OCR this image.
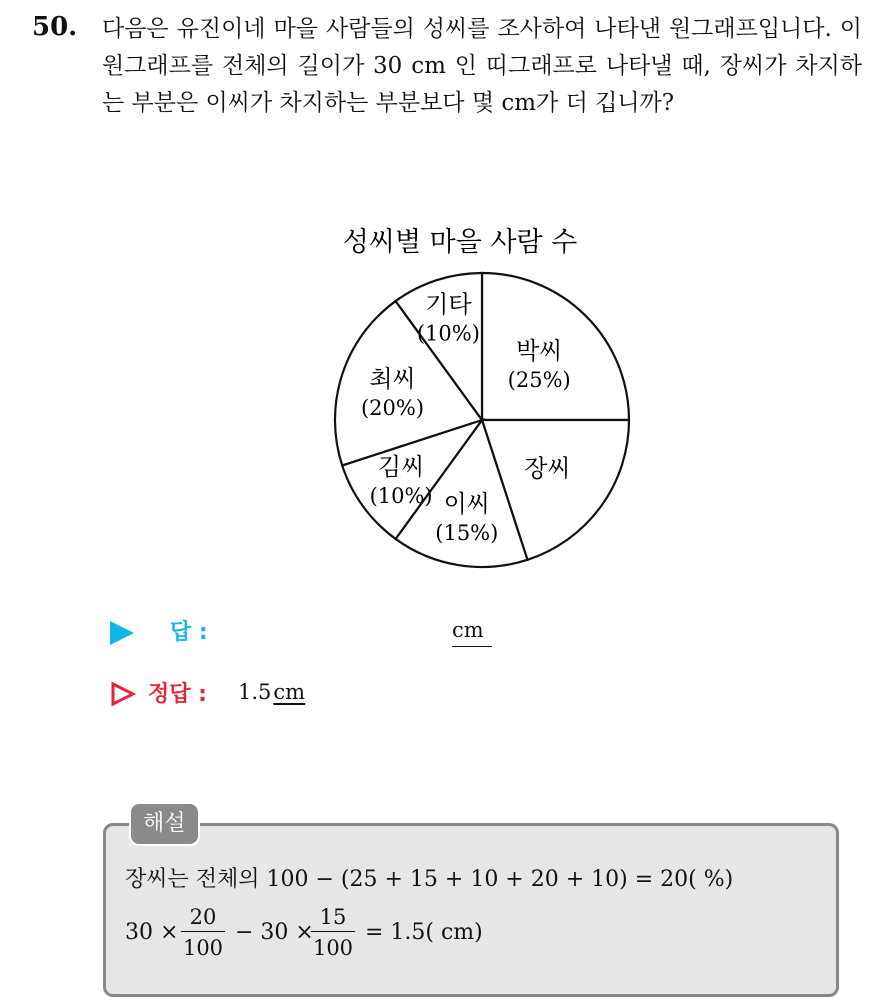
50. 다음은 유진이네 마을 사람들의 성씨를 조사하여 나타낸 원그래프입니다. 이 원그래프를 전체의 길이가 30 cm 인 띠그래프로 나타낼 때, 장씨가 차지하는 부분은 이씨가 차지하는 부분보다 몇 cm가 더 깁니까?

성씨별 마을 사람 수
박씨
(25%)
장씨
이씨
(15%)
김씨
(10%)
최씨
(20%)
기타
(10%)
답 :	cm
정답 : 1.5cm
해설
장씨는 전체의 100 − (25 + 15 + 10 + 20 + 10) = 20( %)
30 ×
20
100
− 30 ×
15
100
= 1.5( cm)
